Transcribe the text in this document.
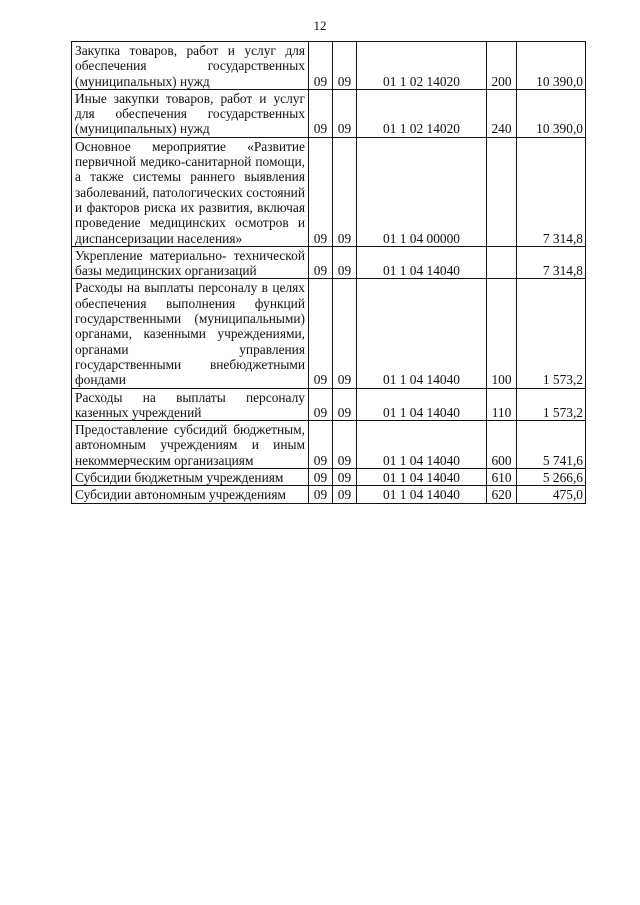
12
Закупка товаров, работ и услуг для обеспечения государственных (муниципальных) нужд	09	09	01 1 02 14020	200	10 390,0
Иные закупки товаров, работ и услуг для обеспечения государственных (муниципальных) нужд	09	09	01 1 02 14020	240	10 390,0
Основное мероприятие «Развитие первичной медико-санитарной помощи, а также системы раннего выявления заболеваний, патологических состояний и факторов риска их развития, включая проведение медицинских осмотров и диспансеризации населения»	09	09	01 1 04 00000		7 314,8
Укрепление материально- технической базы медицинских организаций	09	09	01 1 04 14040		7 314,8
Расходы на выплаты персоналу в целях обеспечения выполнения функций государственными (муниципальными) органами, казенными учреждениями, органами управления государственными внебюджетными фондами	09	09	01 1 04 14040	100	1 573,2
Расходы на выплаты персоналу казенных учреждений	09	09	01 1 04 14040	110	1 573,2
Предоставление субсидий бюджетным, автономным учреждениям и иным некоммерческим организациям	09	09	01 1 04 14040	600	5 741,6
Субсидии бюджетным учреждениям	09	09	01 1 04 14040	610	5 266,6
Субсидии автономным учреждениям	09	09	01 1 04 14040	620	475,0
